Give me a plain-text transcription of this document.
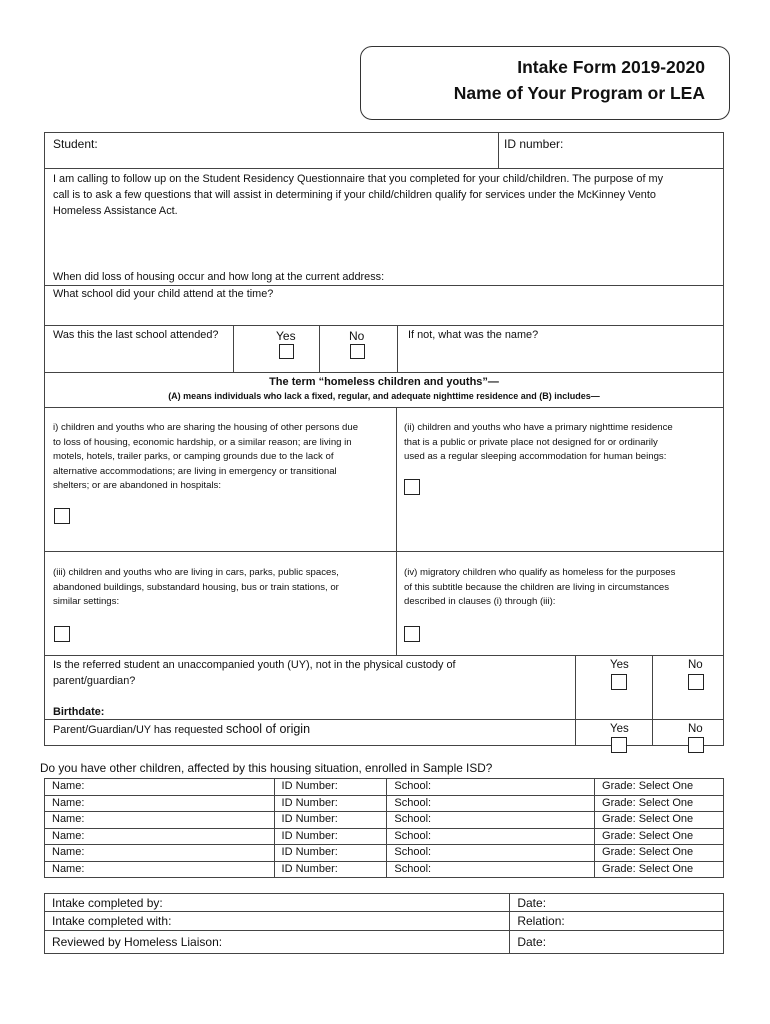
Intake Form 2019-2020
Name of Your Program or LEA
Student:	ID number:
I am calling to follow up on the Student Residency Questionnaire that you completed for your child/children. The purpose of my
call is to ask a few questions that will assist in determining if your child/children qualify for services under the McKinney Vento
Homeless Assistance Act.
When did loss of housing occur and how long at the current address:
What school did your child attend at the time?
Was this the last school attended?	Yes	No	If not, what was the name?
The term “homeless children and youths”—
(A) means individuals who lack a fixed, regular, and adequate nighttime residence and (B) includes—
i) children and youths who are sharing the housing of other persons due
to loss of housing, economic hardship, or a similar reason; are living in
motels, hotels, trailer parks, or camping grounds due to the lack of
alternative accommodations; are living in emergency or transitional
shelters; or are abandoned in hospitals:
(ii) children and youths who have a primary nighttime residence
that is a public or private place not designed for or ordinarily
used as a regular sleeping accommodation for human beings:
(iii) children and youths who are living in cars, parks, public spaces,
abandoned buildings, substandard housing, bus or train stations, or
similar settings:
(iv) migratory children who qualify as homeless for the purposes
of this subtitle because the children are living in circumstances
described in clauses (i) through (iii):
Is the referred student an unaccompanied youth (UY), not in the physical custody of
parent/guardian?
Yes	No
Birthdate:
Parent/Guardian/UY has requested school of origin	Yes	No
Do you have other children, affected by this housing situation, enrolled in Sample ISD?
Name:	ID Number:	School:	Grade: Select One
Name:	ID Number:	School:	Grade: Select One
Name:	ID Number:	School:	Grade: Select One
Name:	ID Number:	School:	Grade: Select One
Name:	ID Number:	School:	Grade: Select One
Name:	ID Number:	School:	Grade: Select One
Intake completed by:	Date:
Intake completed with:	Relation:
Reviewed by Homeless Liaison:	Date:
